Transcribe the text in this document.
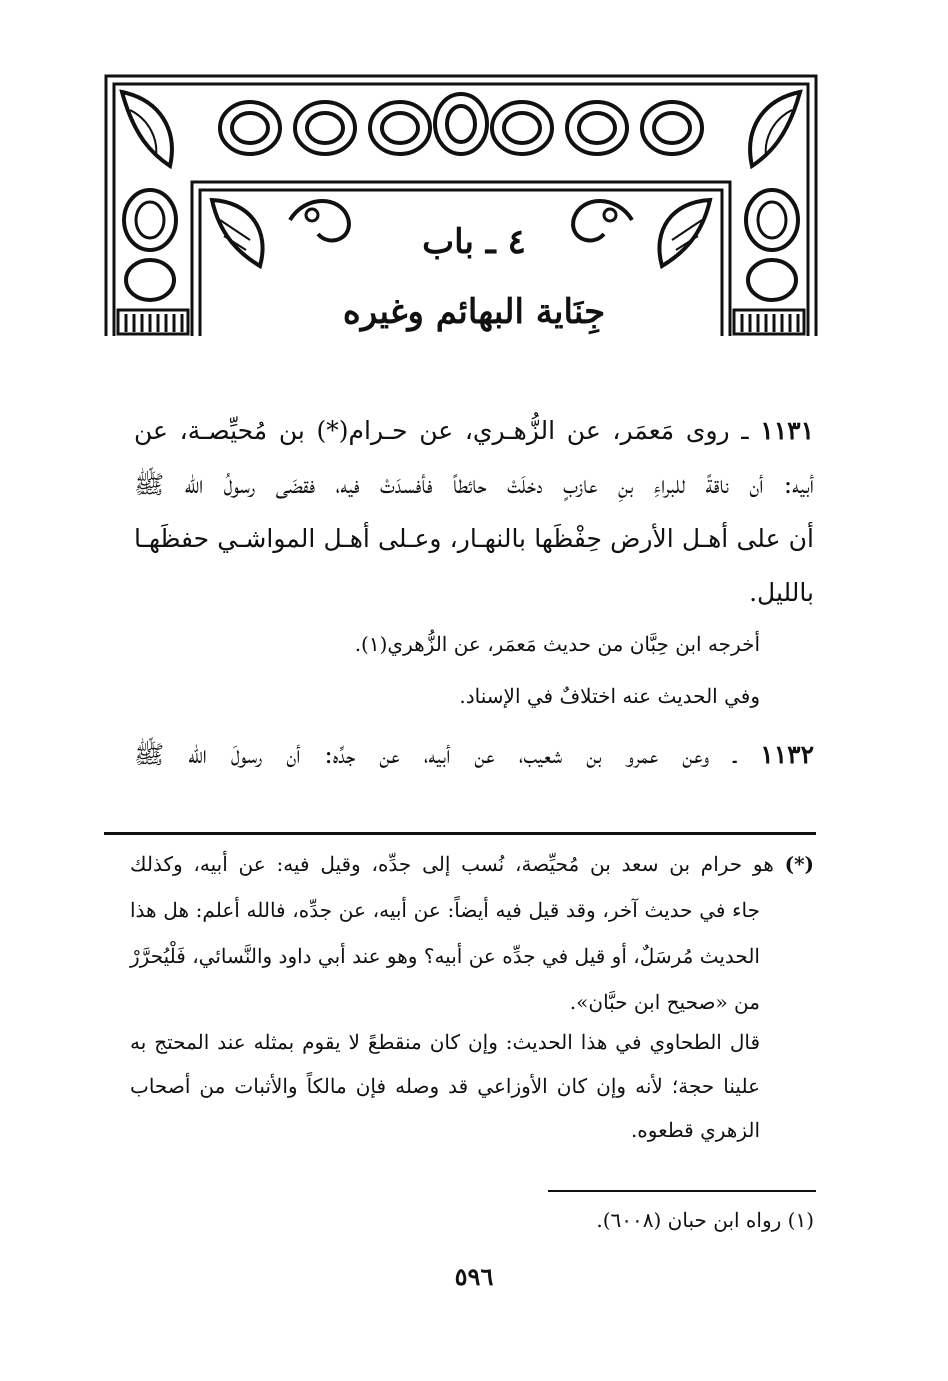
٤ ـ باب
جِنَاية البهائم وغيره
١١٣١ ـ روى مَعمَر، عن الزُّهـري، عن حـرام(*) بن مُحيِّصـة، عن
أبيه: أن ناقةً للبراءِ بنِ عازبٍ دخلَتْ حائطاً فأفسدَتْ فيه، فقضَى رسولُ الله ﷺ
أن على أهـل الأرض حِفْظَها بالنهـار، وعـلى أهـل المواشـي حفظَهـا
بالليل.
أخرجه ابن حِبَّان من حديث مَعمَر، عن الزُّهري(١).
وفي الحديث عنه اختلافٌ في الإسناد.
١١٣٢ ـ وعن عمرو بن شعيب، عن أبيه، عن جدِّه: أن رسولَ الله ﷺ
(*) هو حرام بن سعد بن مُحيِّصة، نُسب إلى جدِّه، وقيل فيه: عن أبيه، وكذلك
جاء في حديث آخر، وقد قيل فيه أيضاً: عن أبيه، عن جدِّه، فالله أعلم: هل هذا
الحديث مُرسَلٌ، أو قيل في جدِّه عن أبيه؟ وهو عند أبي داود والنَّسائي، فَلْيُحرَّرْ
من «صحيح ابن حبَّان».
قال الطحاوي في هذا الحديث: وإن كان منقطعً لا يقوم بمثله عند المحتج به
علينا حجة؛ لأنه وإن كان الأوزاعي قد وصله فإن مالكاً والأثبات من أصحاب
الزهري قطعوه.
(١) رواه ابن حبان (٦٠٠٨).
٥٩٦
